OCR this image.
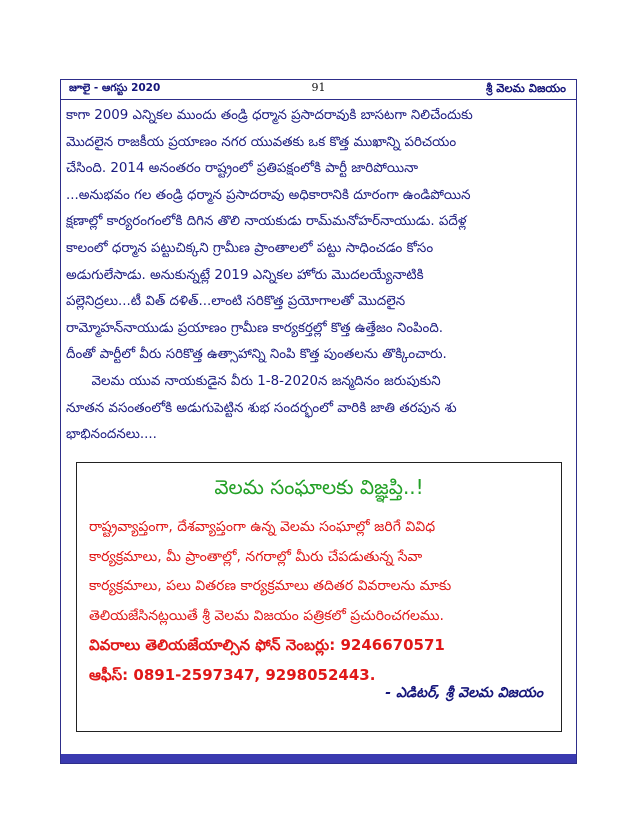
జూలై - ఆగస్టు 2020	91	శ్రీ వెలమ విజయం

కాగా 2009 ఎన్నికల ముందు తండ్రి ధర్మాన ప్రసాదరావుకి బాసటగా నిలిచేందుకు

మొదలైన రాజకీయ ప్రయాణం నగర యువతకు ఒక కొత్త ముఖాన్ని పరిచయం

చేసింది. 2014 అనంతరం రాష్ట్రంలో ప్రతిపక్షంలోకి పార్టీ జారిపోయినా

...అనుభవం గల తండ్రి ధర్మాన ప్రసాదరావు అధికారానికి దూరంగా ఉండిపోయిన

క్షణాల్లో కార్యరంగంలోకి దిగిన తొలి నాయకుడు రామ్‌మనోహర్‌నాయుడు. పదేళ్ల

కాలంలో ధర్మాన పట్టుచిక్కని గ్రామీణ ప్రాంతాలలో పట్టు సాధించడం కోసం

అడుగులేసాడు. అనుకున్నట్లే 2019 ఎన్నికల హోరు మొదలయ్యేనాటికి

పల్లెనిద్రలు...టీ విత్ దళిత్...లాంటి సరికొత్త ప్రయోగాలతో మొదలైన

రామ్మోహన్‌నాయుడు ప్రయాణం గ్రామీణ కార్యకర్తల్లో కొత్త ఉత్తేజం నింపింది.

దీంతో పార్టీలో వీరు సరికొత్త ఉత్సాహాన్ని నింపి కొత్త పుంతలను తొక్కించారు.

వెలమ యువ నాయకుడైన వీరు 1-8-2020న జన్మదినం జరుపుకుని

నూతన వసంతంలోకి అడుగుపెట్టిన శుభ సందర్భంలో వారికి జాతి తరపున శు

భాభినందనలు....

వెలమ సంఘాలకు విజ్ఞప్తి..!

రాష్ట్రవ్యాప్తంగా, దేశవ్యాప్తంగా ఉన్న వెలమ సంఘాల్లో జరిగే వివిధ

కార్యక్రమాలు, మీ ప్రాంతాల్లో, నగరాల్లో మీరు చేపడుతున్న సేవా

కార్యక్రమాలు, పలు వితరణ కార్యక్రమాలు తదితర వివరాలను మాకు

తెలియజేసినట్లయితే శ్రీ వెలమ విజయం పత్రికలో ప్రచురించగలము.

వివరాలు తెలియజేయాల్సిన ఫోన్ నెంబర్లు: 9246670571

ఆఫీస్: 0891-2597347, 9298052443.

- ఎడిటర్, శ్రీ వెలమ విజయం
